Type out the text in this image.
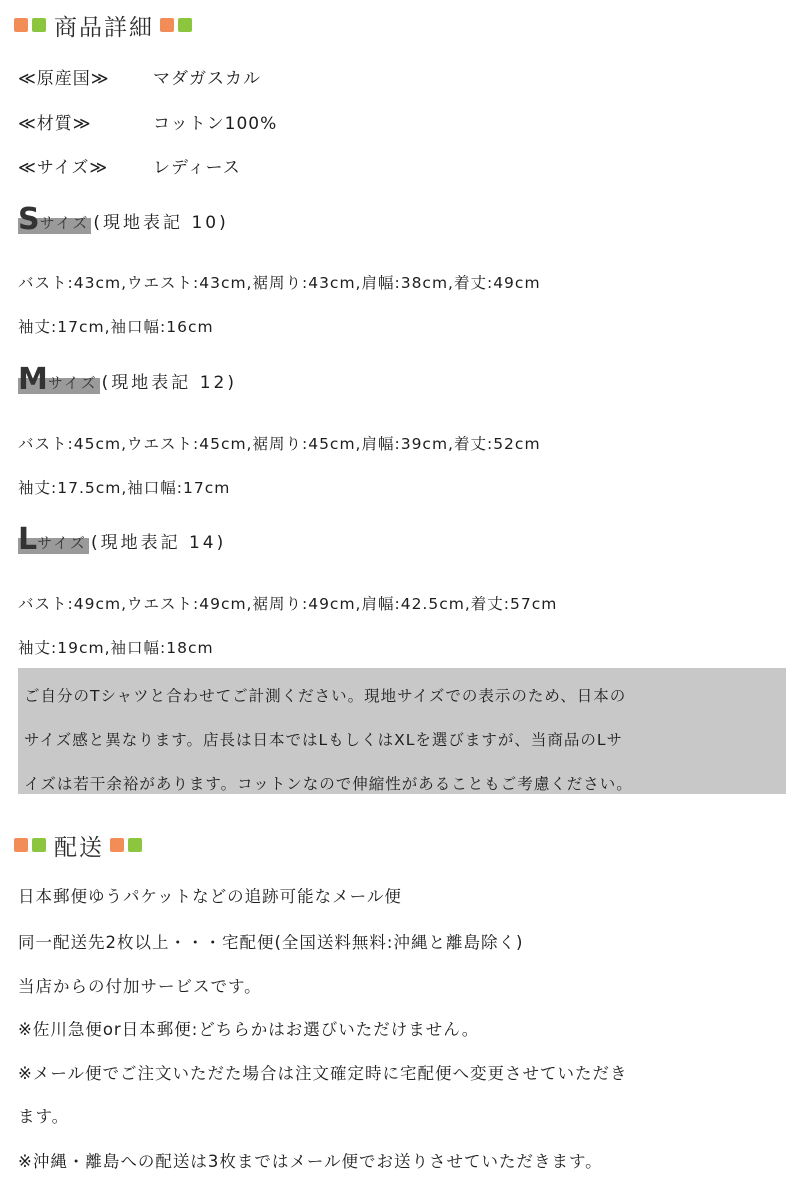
商品詳細
≪原産国≫	マダガスカル
≪材質≫	コットン100%
≪サイズ≫	レディース
S サイズ (現地表記 10)
バスト:43cm,ウエスト:43cm,裾周り:43cm,肩幅:38cm,着丈:49cm
袖丈:17cm,袖口幅:16cm
M サイズ (現地表記 12)
バスト:45cm,ウエスト:45cm,裾周り:45cm,肩幅:39cm,着丈:52cm
袖丈:17.5cm,袖口幅:17cm
L サイズ (現地表記 14)
バスト:49cm,ウエスト:49cm,裾周り:49cm,肩幅:42.5cm,着丈:57cm
袖丈:19cm,袖口幅:18cm

ご自分のTシャツと合わせてご計測ください。現地サイズでの表示のため、日本の

サイズ感と異なります。店長は日本ではLもしくはXLを選びますが、当商品のLサ

イズは若干余裕があります。コットンなので伸縮性があることもご考慮ください。

配送
日本郵便ゆうパケットなどの追跡可能なメール便
同一配送先2枚以上・・・宅配便(全国送料無料:沖縄と離島除く)
当店からの付加サービスです。
※佐川急便or日本郵便:どちらかはお選びいただけません。
※メール便でご注文いただた場合は注文確定時に宅配便へ変更させていただき
ます。
※沖縄・離島への配送は3枚まではメール便でお送りさせていただきます。
